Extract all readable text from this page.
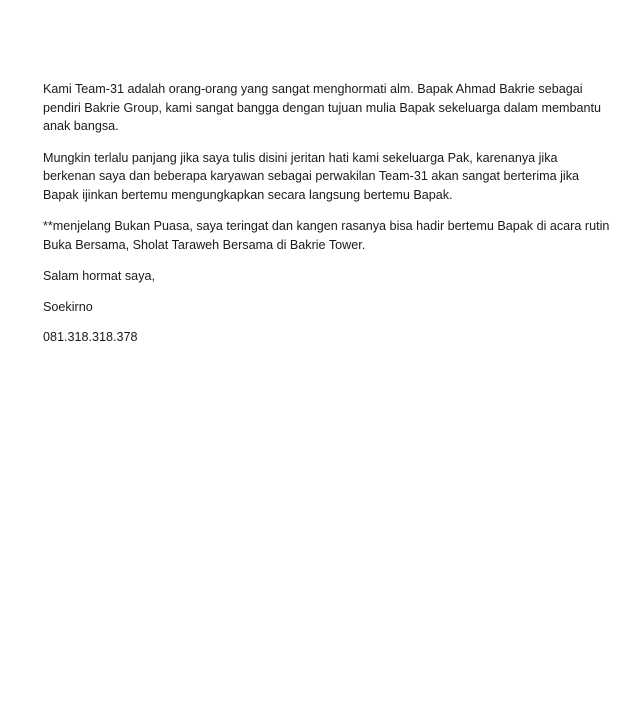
Kami Team-31 adalah orang-orang yang sangat menghormati alm. Bapak Ahmad Bakrie sebagai
pendiri Bakrie Group, kami sangat bangga dengan tujuan mulia Bapak sekeluarga dalam membantu
anak bangsa.

Mungkin terlalu panjang jika saya tulis disini jeritan hati kami sekeluarga Pak, karenanya jika
berkenan saya dan beberapa karyawan sebagai perwakilan Team-31 akan sangat berterima jika
Bapak ijinkan bertemu mengungkapkan secara langsung bertemu Bapak.

**menjelang Bukan Puasa, saya teringat dan kangen rasanya bisa hadir bertemu Bapak di acara rutin
Buka Bersama, Sholat Taraweh Bersama di Bakrie Tower.

Salam hormat saya,

Soekirno

081.318.318.378
